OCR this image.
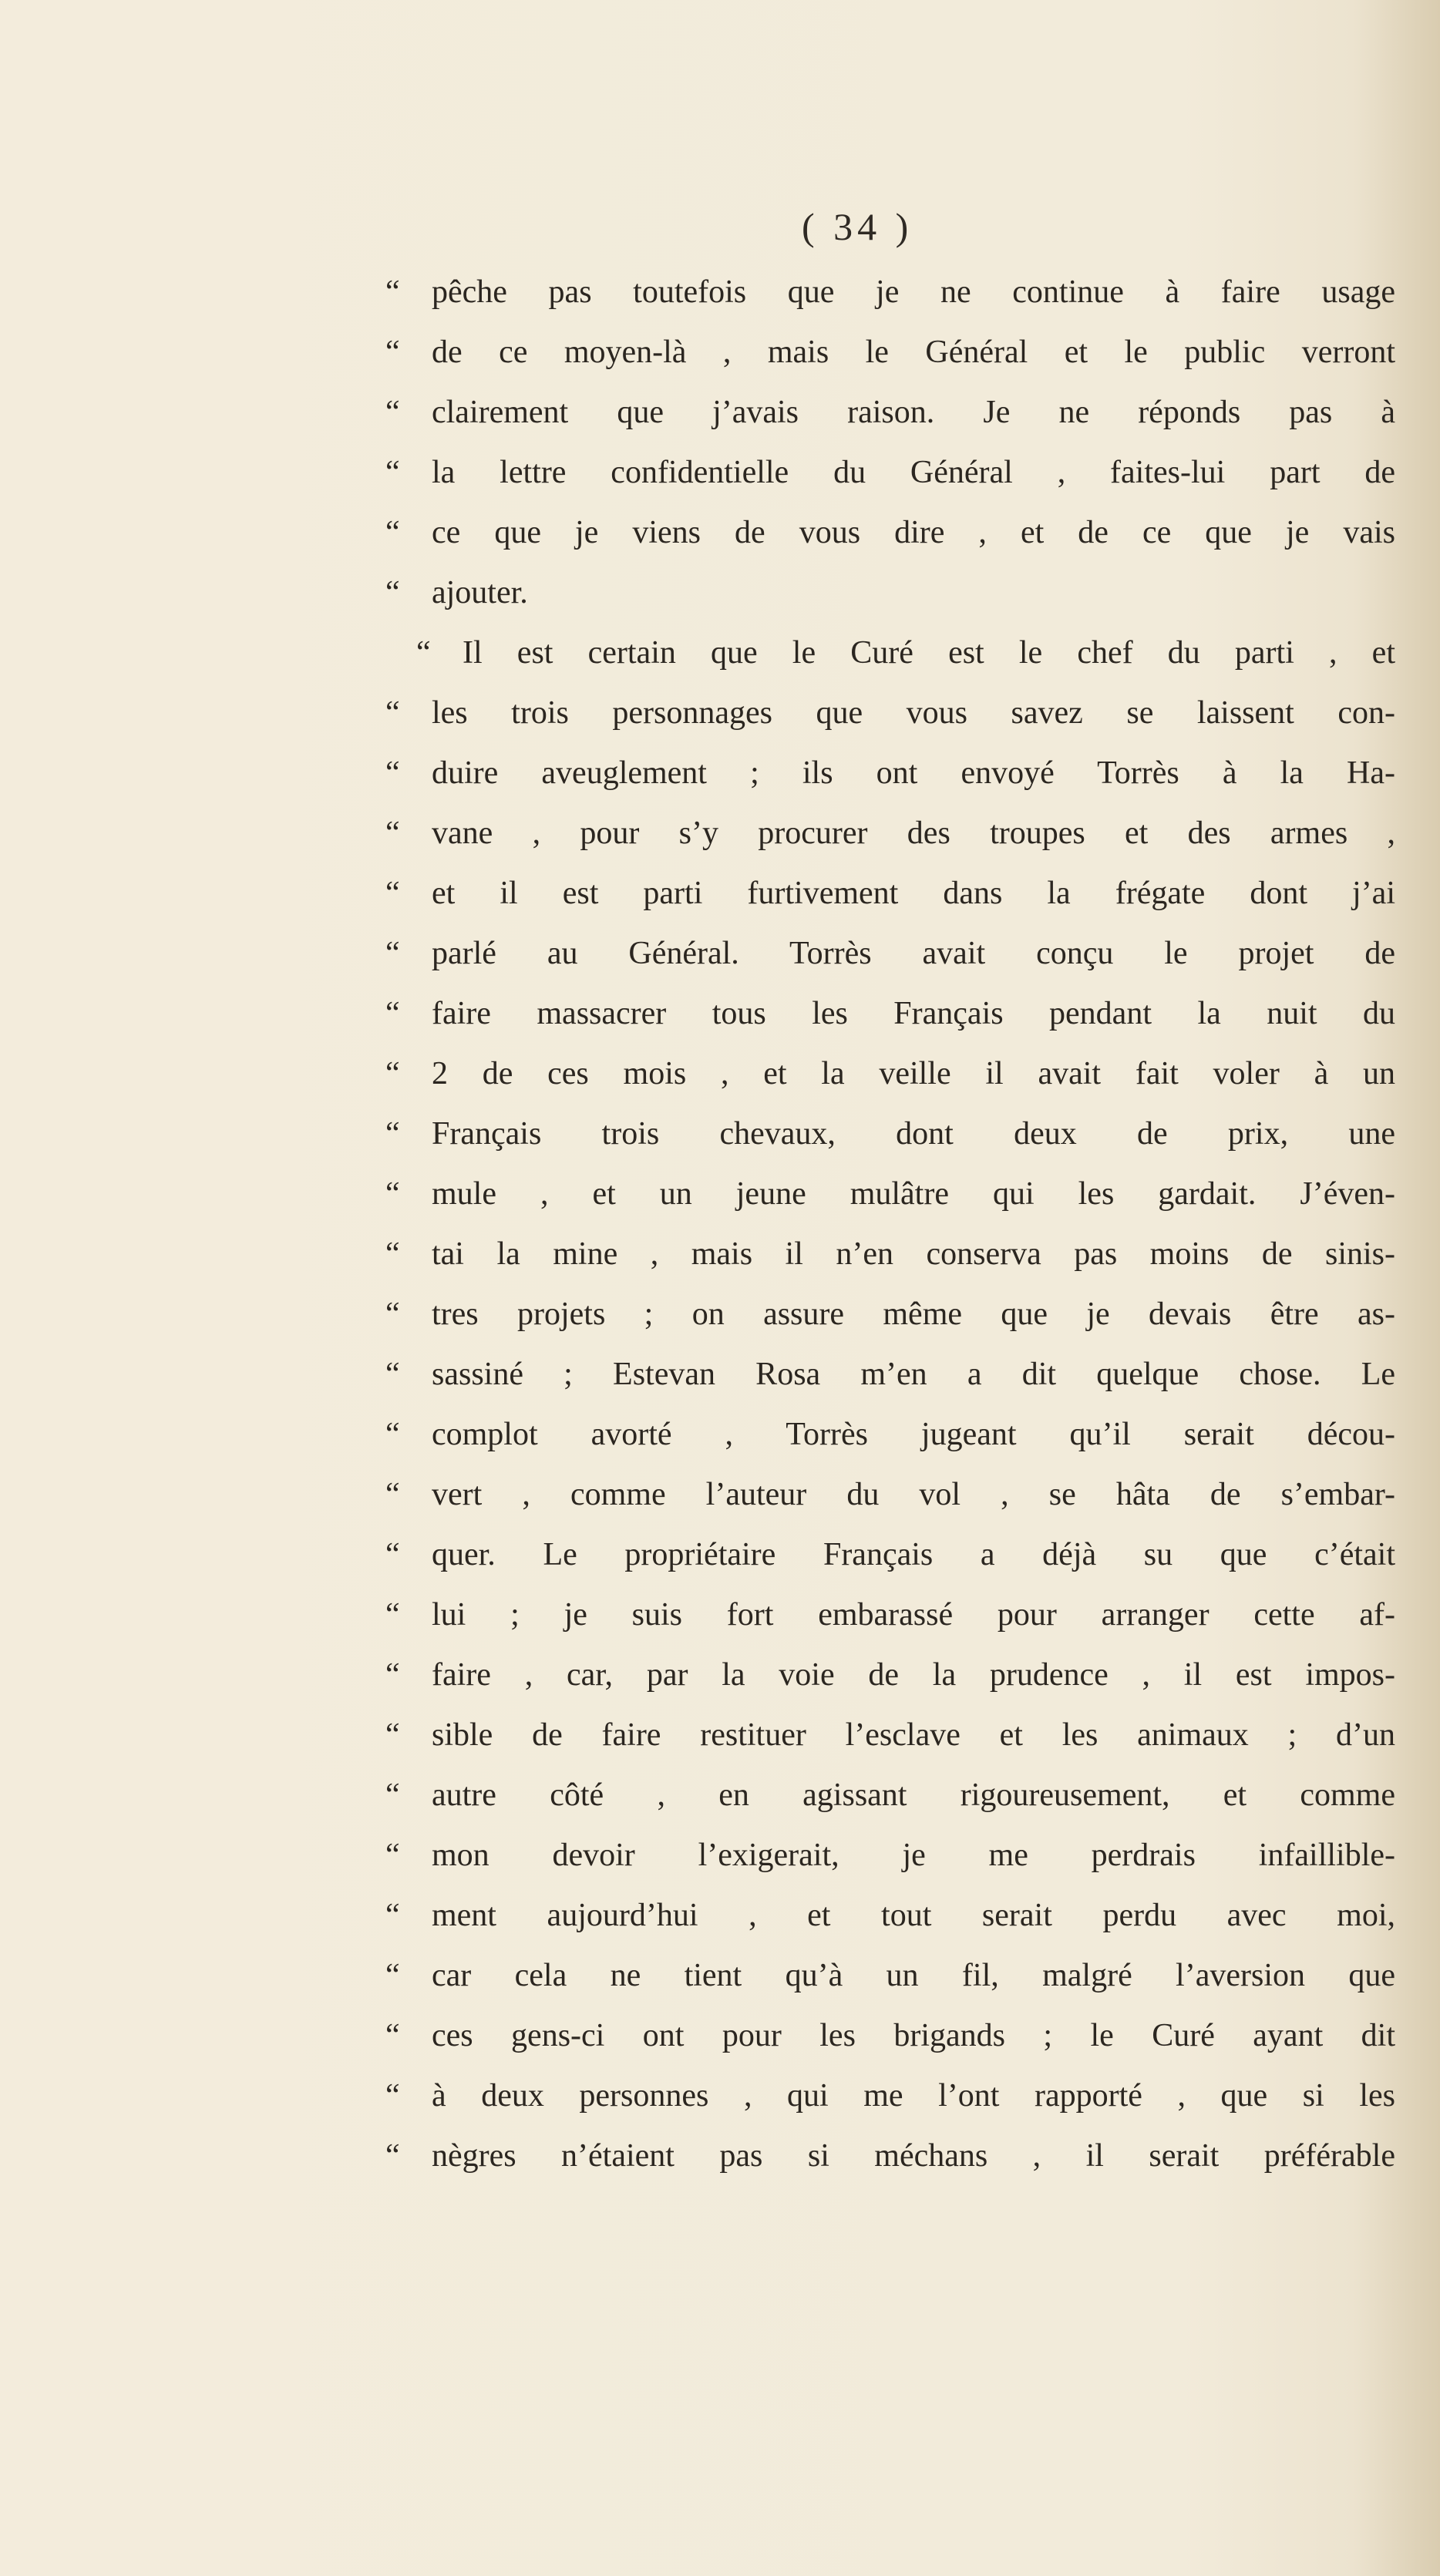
( 34 )
“ pêche pas toutefois que je ne continue à faire usage
“ de ce moyen-là , mais le Général et le public verront
“ clairement que j’avais raison. Je ne réponds pas à
“ la lettre confidentielle du Général , faites-lui part de
“ ce que je viens de vous dire , et de ce que je vais
“ ajouter.
“ Il est certain que le Curé est le chef du parti , et
“ les trois personnages que vous savez se laissent con-
“ duire aveuglement ; ils ont envoyé Torrès à la Ha-
“ vane , pour s’y procurer des troupes et des armes ,
“ et il est parti furtivement dans la frégate dont j’ai
“ parlé au Général. Torrès avait conçu le projet de
“ faire massacrer tous les Français pendant la nuit du
“ 2 de ces mois , et la veille il avait fait voler à un
“ Français trois chevaux, dont deux de prix, une
“ mule , et un jeune mulâtre qui les gardait. J’éven-
“ tai la mine , mais il n’en conserva pas moins de sinis-
“ tres projets ; on assure même que je devais être as-
“ sassiné ; Estevan Rosa m’en a dit quelque chose. Le
“ complot avorté , Torrès jugeant qu’il serait décou-
“ vert , comme l’auteur du vol , se hâta de s’embar-
“ quer. Le propriétaire Français a déjà su que c’était
“ lui ; je suis fort embarassé pour arranger cette af-
“ faire , car, par la voie de la prudence , il est impos-
“ sible de faire restituer l’esclave et les animaux ; d’un
“ autre côté , en agissant rigoureusement, et comme
“ mon devoir l’exigerait, je me perdrais infaillible-
“ ment aujourd’hui , et tout serait perdu avec moi,
“ car cela ne tient qu’à un fil, malgré l’aversion que
“ ces gens-ci ont pour les brigands ; le Curé ayant dit
“ à deux personnes , qui me l’ont rapporté , que si les
“ nègres n’étaient pas si méchans , il serait préférable
